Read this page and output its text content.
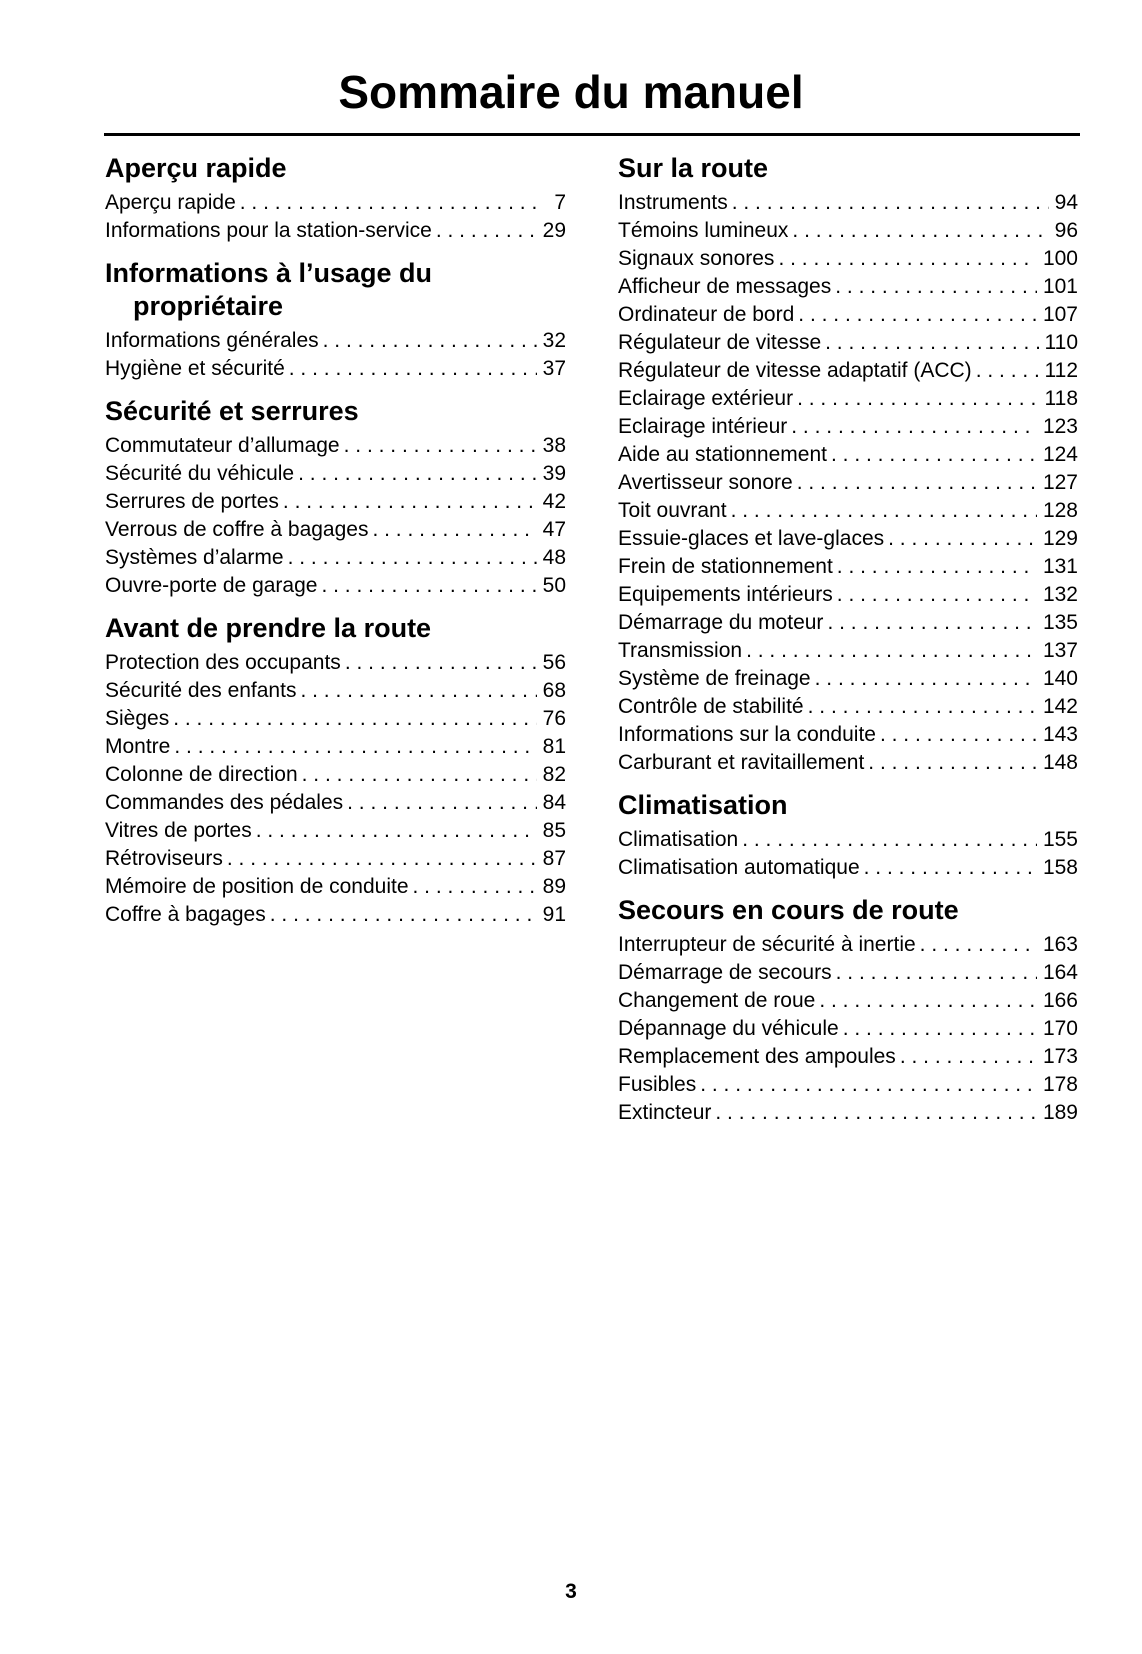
Sommaire du manuel
Aperçu rapide
Aperçu rapide . . .	7
Informations pour la station-service . . .	29
Informations à l’usage du
propriétaire
Informations générales . . .	32
Hygiène et sécurité . . .	37
Sécurité et serrures
Commutateur d’allumage . . .	38
Sécurité du véhicule . . .	39
Serrures de portes . . .	42
Verrous de coffre à bagages . . .	47
Systèmes d’alarme . . .	48
Ouvre-porte de garage . . .	50
Avant de prendre la route
Protection des occupants . . .	56
Sécurité des enfants . . .	68
Sièges . . .	76
Montre . . .	81
Colonne de direction . . .	82
Commandes des pédales . . .	84
Vitres de portes . . .	85
Rétroviseurs . . .	87
Mémoire de position de conduite . . .	89
Coffre à bagages . . .	91
Sur la route
Instruments . . .	94
Témoins lumineux . . .	96
Signaux sonores . . .	100
Afficheur de messages . . .	101
Ordinateur de bord . . .	107
Régulateur de vitesse . . .	110
Régulateur de vitesse adaptatif (ACC) . . .	112
Eclairage extérieur . . .	118
Eclairage intérieur . . .	123
Aide au stationnement . . .	124
Avertisseur sonore . . .	127
Toit ouvrant . . .	128
Essuie-glaces et lave-glaces . . .	129
Frein de stationnement . . .	131
Equipements intérieurs . . .	132
Démarrage du moteur . . .	135
Transmission . . .	137
Système de freinage . . .	140
Contrôle de stabilité . . .	142
Informations sur la conduite . . .	143
Carburant et ravitaillement . . .	148
Climatisation
Climatisation . . .	155
Climatisation automatique . . .	158
Secours en cours de route
Interrupteur de sécurité à inertie . . .	163
Démarrage de secours . . .	164
Changement de roue . . .	166
Dépannage du véhicule . . .	170
Remplacement des ampoules . . .	173
Fusibles . . .	178
Extincteur . . .	189
3
